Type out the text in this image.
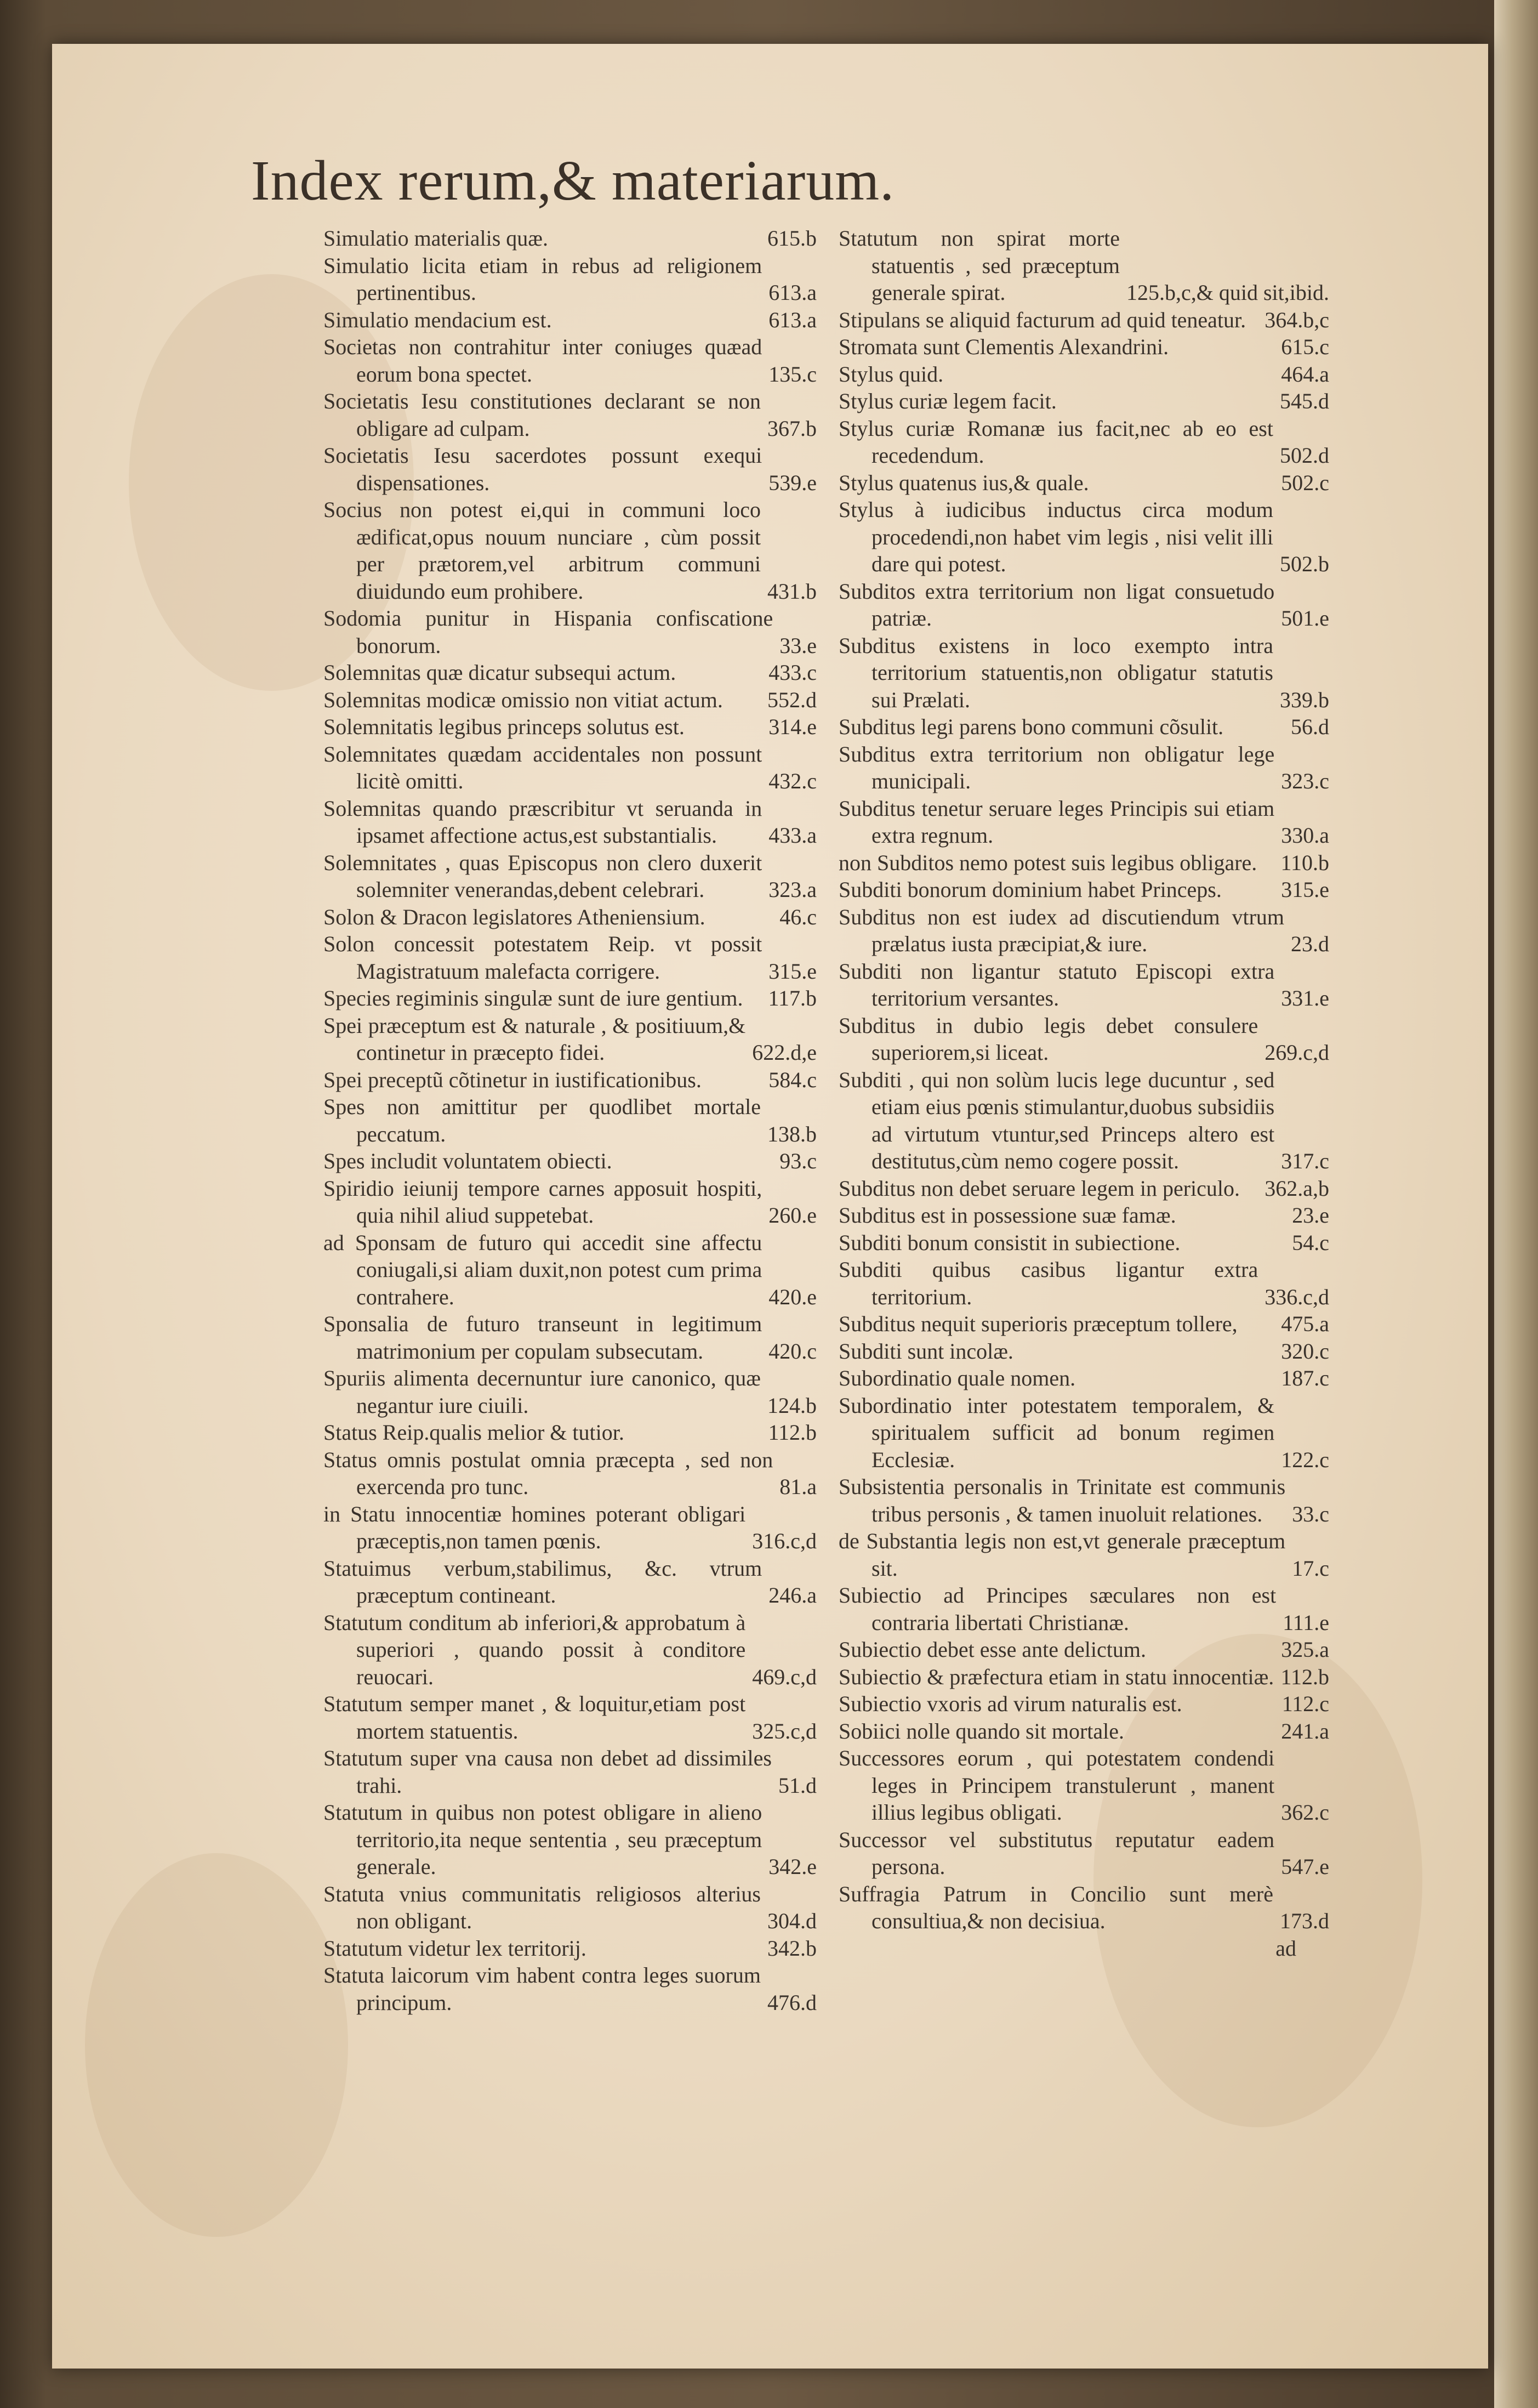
Index rerum,& materiarum.
Simulatio materialis quæ.	615.b
Simulatio licita etiam in rebus ad religionem pertinentibus.	613.a
Simulatio mendacium est.	613.a
Societas non contrahitur inter coniuges quæad eorum bona spectet.	135.c
Societatis Iesu constitutiones declarant se non obligare ad culpam.	367.b
Societatis Iesu sacerdotes possunt exequi dispensationes.	539.e
Socius non potest ei,qui in communi loco ædificat,opus nouum nunciare , cùm possit per prætorem,vel arbitrum communi diuidundo eum prohibere.	431.b
Sodomia punitur in Hispania confiscatione bonorum.	33.e
Solemnitas quæ dicatur subsequi actum.	433.c
Solemnitas modicæ omissio non vitiat actum.	552.d
Solemnitatis legibus princeps solutus est.	314.e
Solemnitates quædam accidentales non possunt licitè omitti.	432.c
Solemnitas quando præscribitur vt seruanda in ipsamet affectione actus,est substantialis.	433.a
Solemnitates , quas Episcopus non clero duxerit solemniter venerandas,debent celebrari.	323.a
Solon & Dracon legislatores Atheniensium.	46.c
Solon concessit potestatem Reip. vt possit Magistratuum malefacta corrigere.	315.e
Species regiminis singulæ sunt de iure gentium.	117.b
Spei præceptum est & naturale , & positiuum,& continetur in præcepto fidei.	622.d,e
Spei preceptũ cõtinetur in iustificationibus.	584.c
Spes non amittitur per quodlibet mortale peccatum.	138.b
Spes includit voluntatem obiecti.	93.c
Spiridio ieiunij tempore carnes apposuit hospiti, quia nihil aliud suppetebat.	260.e
ad Sponsam de futuro qui accedit sine affectu coniugali,si aliam duxit,non potest cum prima contrahere.	420.e
Sponsalia de futuro transeunt in legitimum matrimonium per copulam subsecutam.	420.c
Spuriis alimenta decernuntur iure canonico, quæ negantur iure ciuili.	124.b
Status Reip.qualis melior & tutior.	112.b
Status omnis postulat omnia præcepta , sed non exercenda pro tunc.	81.a
in Statu innocentiæ homines poterant obligari præceptis,non tamen pœnis.	316.c,d
Statuimus verbum,stabilimus, &c. vtrum præceptum contineant.	246.a
Statutum conditum ab inferiori,& approbatum à superiori , quando possit à conditore reuocari.	469.c,d
Statutum semper manet , & loquitur,etiam post mortem statuentis.	325.c,d
Statutum super vna causa non debet ad dissimiles trahi.	51.d
Statutum in quibus non potest obligare in alieno territorio,ita neque sententia , seu præceptum generale.	342.e
Statuta vnius communitatis religiosos alterius non obligant.	304.d
Statutum videtur lex territorij.	342.b
Statuta laicorum vim habent contra leges suorum principum.	476.d
Statutum non spirat morte statuentis , sed præceptum generale spirat.	125.b,c,& quid sit,ibid.
Stipulans se aliquid facturum ad quid teneatur. 364.b,c
Stromata sunt Clementis Alexandrini.	615.c
Stylus quid.	464.a
Stylus curiæ legem facit.	545.d
Stylus curiæ Romanæ ius facit,nec ab eo est recedendum.	502.d
Stylus quatenus ius,& quale.	502.c
Stylus à iudicibus inductus circa modum procedendi,non habet vim legis , nisi velit illi dare qui potest.	502.b
Subditos extra territorium non ligat consuetudo patriæ.	501.e
Subditus existens in loco exempto intra territorium statuentis,non obligatur statutis sui Prælati.	339.b
Subditus legi parens bono communi cõsulit.	56.d
Subditus extra territorium non obligatur lege municipali.	323.c
Subditus tenetur seruare leges Principis sui etiam extra regnum.	330.a
non Subditos nemo potest suis legibus obligare.	110.b
Subditi bonorum dominium habet Princeps.	315.e
Subditus non est iudex ad discutiendum vtrum prælatus iusta præcipiat,& iure.	23.d
Subditi non ligantur statuto Episcopi extra territorium versantes.	331.e
Subditus in dubio legis debet consulere superiorem,si liceat.	269.c,d
Subditi , qui non solùm lucis lege ducuntur , sed etiam eius pœnis stimulantur,duobus subsidiis ad virtutum vtuntur,sed Princeps altero est destitutus,cùm nemo cogere possit.	317.c
Subditus non debet seruare legem in periculo.	362.a,b
Subditus est in possessione suæ famæ.	23.e
Subditi bonum consistit in subiectione.	54.c
Subditi quibus casibus ligantur extra territorium.	336.c,d
Subditus nequit superioris præceptum tollere,	475.a
Subditi sunt incolæ.	320.c
Subordinatio quale nomen.	187.c
Subordinatio inter potestatem temporalem, & spiritualem sufficit ad bonum regimen Ecclesiæ.	122.c
Subsistentia personalis in Trinitate est communis tribus personis , & tamen inuoluit relationes.	33.c
de Substantia legis non est,vt generale præceptum sit.	17.c
Subiectio ad Principes sæculares non est contraria libertati Christianæ.	111.e
Subiectio debet esse ante delictum.	325.a
Subiectio & præfectura etiam in statu innocentiæ. 112.b
Subiectio vxoris ad virum naturalis est.	112.c
Sobiici nolle quando sit mortale.	241.a
Successores eorum , qui potestatem condendi leges in Principem transtulerunt , manent illius legibus obligati.	362.c
Successor vel substitutus reputatur eadem persona.	547.e
Suffragia Patrum in Concilio sunt merè consultiua,& non decisiua.	173.d
ad
